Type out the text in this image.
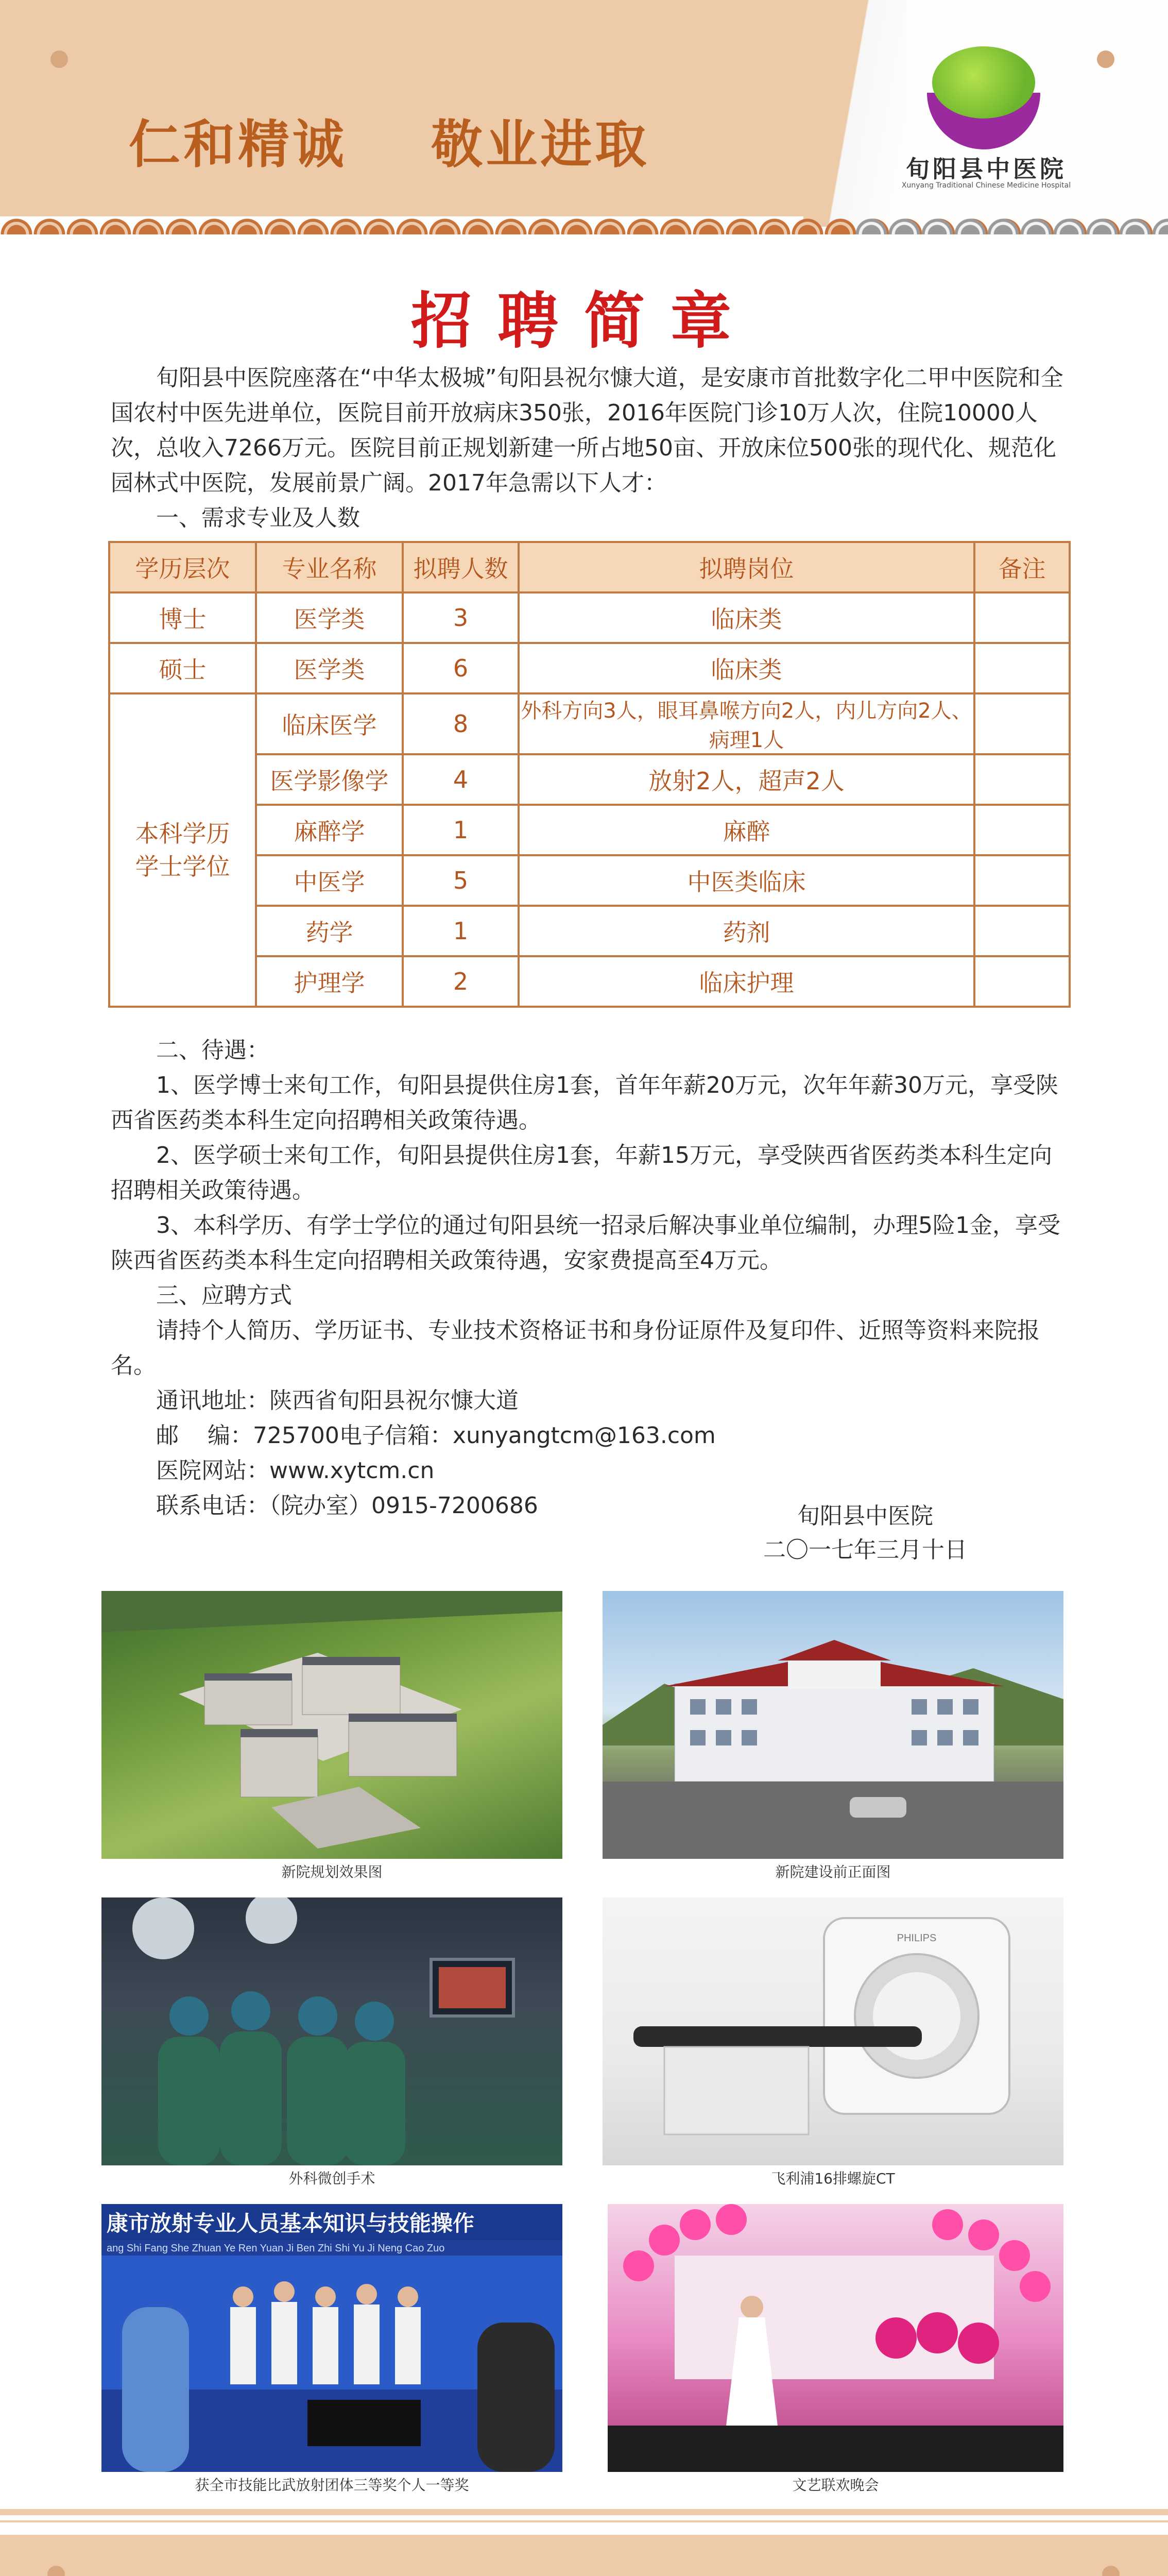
仁和精诚    敬业进取	旬阳县中医院
Xunyang Traditional Chinese Medicine Hospital
招聘简章

旬阳县中医院座落在“中华太极城”旬阳县祝尔慷大道，是安康市首批数字化二甲中医院和全国农村中医先进单位，医院目前开放病床350张，2016年医院门诊10万人次，住院10000人次，总收入7266万元。医院目前正规划新建一所占地50亩、开放床位500张的现代化、规范化园林式中医院，发展前景广阔。2017年急需以下人才：

一、需求专业及人数

学历层次	专业名称	拟聘人数	拟聘岗位	备注
博士	医学类	3	临床类	
硕士	医学类	6	临床类	
本科学历学士学位	临床医学	8	外科方向3人，眼耳鼻喉方向2人，内儿方向2人、病理1人	
	医学影像学	4	放射2人，超声2人	
	麻醉学	1	麻醉	
	中医学	5	中医类临床	
	药学	1	药剂	
	护理学	2	临床护理	

二、待遇：

1、医学博士来旬工作，旬阳县提供住房1套，首年年薪20万元，次年年薪30万元，享受陕西省医药类本科生定向招聘相关政策待遇。

2、医学硕士来旬工作，旬阳县提供住房1套，年薪15万元，享受陕西省医药类本科生定向招聘相关政策待遇。

3、本科学历、有学士学位的通过旬阳县统一招录后解决事业单位编制，办理5险1金，享受陕西省医药类本科生定向招聘相关政策待遇，安家费提高至4万元。

三、应聘方式

请持个人简历、学历证书、专业技术资格证书和身份证原件及复印件、近照等资料来院报名。

通讯地址：陕西省旬阳县祝尔慷大道

邮    编：725700电子信箱：xunyangtcm@163.com

医院网站：www.xytcm.cn

联系电话：（院办室）0915-7200686	旬阳县中医院
二〇一七年三月十日
新院规划效果图	新院建设前正面图
外科微创手术
PHILIPS
飞利浦16排螺旋CT
康市放射专业人员基本知识与技能操作
ang Shi Fang She Zhuan Ye Ren Yuan Ji Ben Zhi Shi Yu Ji Neng Cao Zuo
获全市技能比武放射团体三等奖个人一等奖	文艺联欢晚会
